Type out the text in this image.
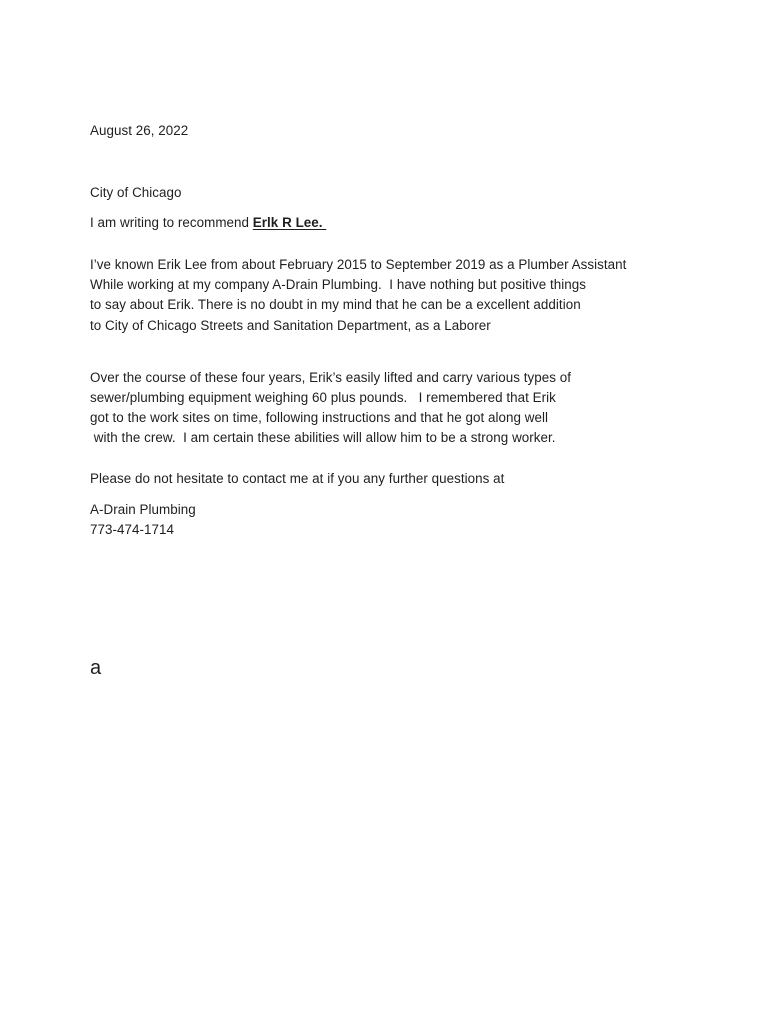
August 26, 2022
City of Chicago
I am writing to recommend Erlk R Lee.
I’ve known Erik Lee from about February 2015 to September 2019 as a Plumber Assistant
While working at my company A-Drain Plumbing.  I have nothing but positive things
to say about Erik. There is no doubt in my mind that he can be a excellent addition
to City of Chicago Streets and Sanitation Department, as a Laborer
Over the course of these four years, Erik’s easily lifted and carry various types of
sewer/plumbing equipment weighing 60 plus pounds.   I remembered that Erik
got to the work sites on time, following instructions and that he got along well
with the crew.  I am certain these abilities will allow him to be a strong worker.
Please do not hesitate to contact me at if you any further questions at
A-Drain Plumbing
773-474-1714
a
